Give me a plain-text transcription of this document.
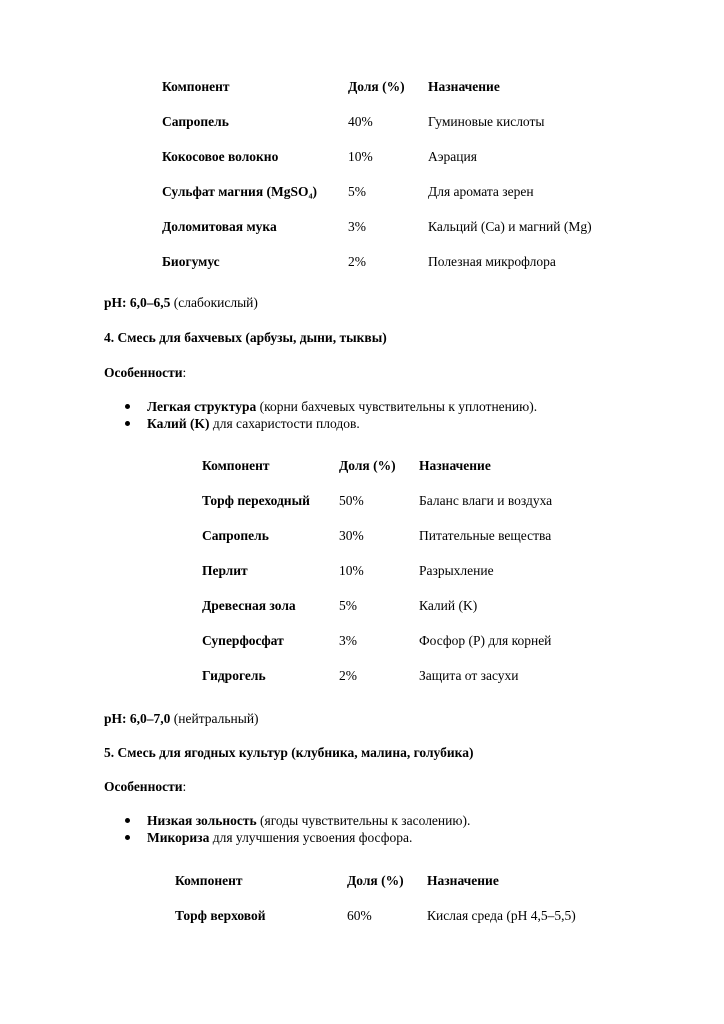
Компонент	Доля (%) Назначение
Сапропель	40%	Гуминовые кислоты
Кокосовое волокно	10%	Аэрация
Сульфат магния (MgSO₄) 5%	Для аромата зерен
Доломитовая мука	3%	Кальций (Ca) и магний (Mg)
Биогумус	2%	Полезная микрофлора
pH: 6,0–6,5 (слабокислый)
4. Смесь для бахчевых (арбузы, дыни, тыквы)
Особенности:
Легкая структура (корни бахчевых чувствительны к уплотнению).
Калий (K) для сахаристости плодов.
Компонент	Доля (%) Назначение
Торф переходный 50%	Баланс влаги и воздуха
Сапропель	30%	Питательные вещества
Перлит	10%	Разрыхление
Древесная зола	5%	Калий (K)
Суперфосфат	3%	Фосфор (P) для корней
Гидрогель	2%	Защита от засухи
pH: 6,0–7,0 (нейтральный)
5. Смесь для ягодных культур (клубника, малина, голубика)
Особенности:
Низкая зольность (ягоды чувствительны к засолению).
Микориза для улучшения усвоения фосфора.
Компонент	Доля (%) Назначение
Торф верховой	60%	Кислая среда (pH 4,5–5,5)
